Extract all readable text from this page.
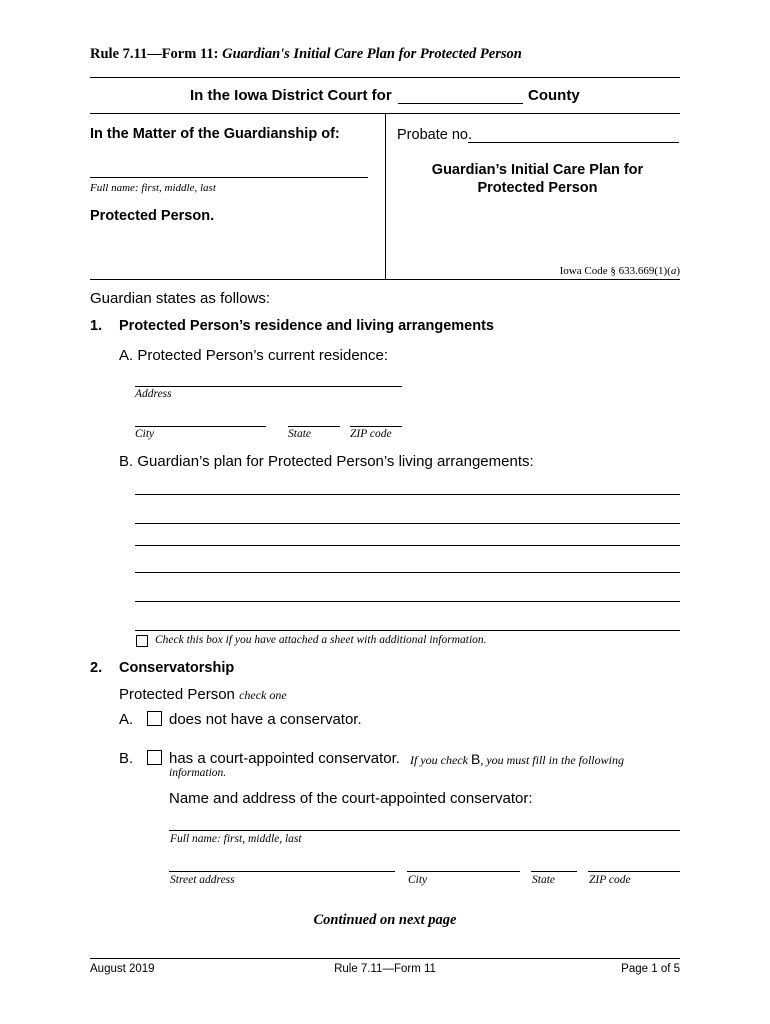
Rule 7.11—Form 11: Guardian's Initial Care Plan for Protected Person
In the Iowa District Court for	County
In the Matter of the Guardianship of:
Full name: first, middle, last
Protected Person.
Probate no.
Guardian’s Initial Care Plan for
Protected Person
Iowa Code § 633.669(1)(a)
Guardian states as follows:
1. Protected Person’s residence and living arrangements
A. Protected Person’s current residence:
Address
City	State	ZIP code
B. Guardian’s plan for Protected Person’s living arrangements:
Check this box if you have attached a sheet with additional information.
2. Conservatorship
Protected Person check one
A. does not have a conservator.
B. has a court-appointed conservator. If you check B, you must fill in the following
information.
Name and address of the court-appointed conservator:
Full name: first, middle, last
Street address	City	State	ZIP code
Continued on next page
August 2019	Rule 7.11—Form 11	Page 1 of 5
